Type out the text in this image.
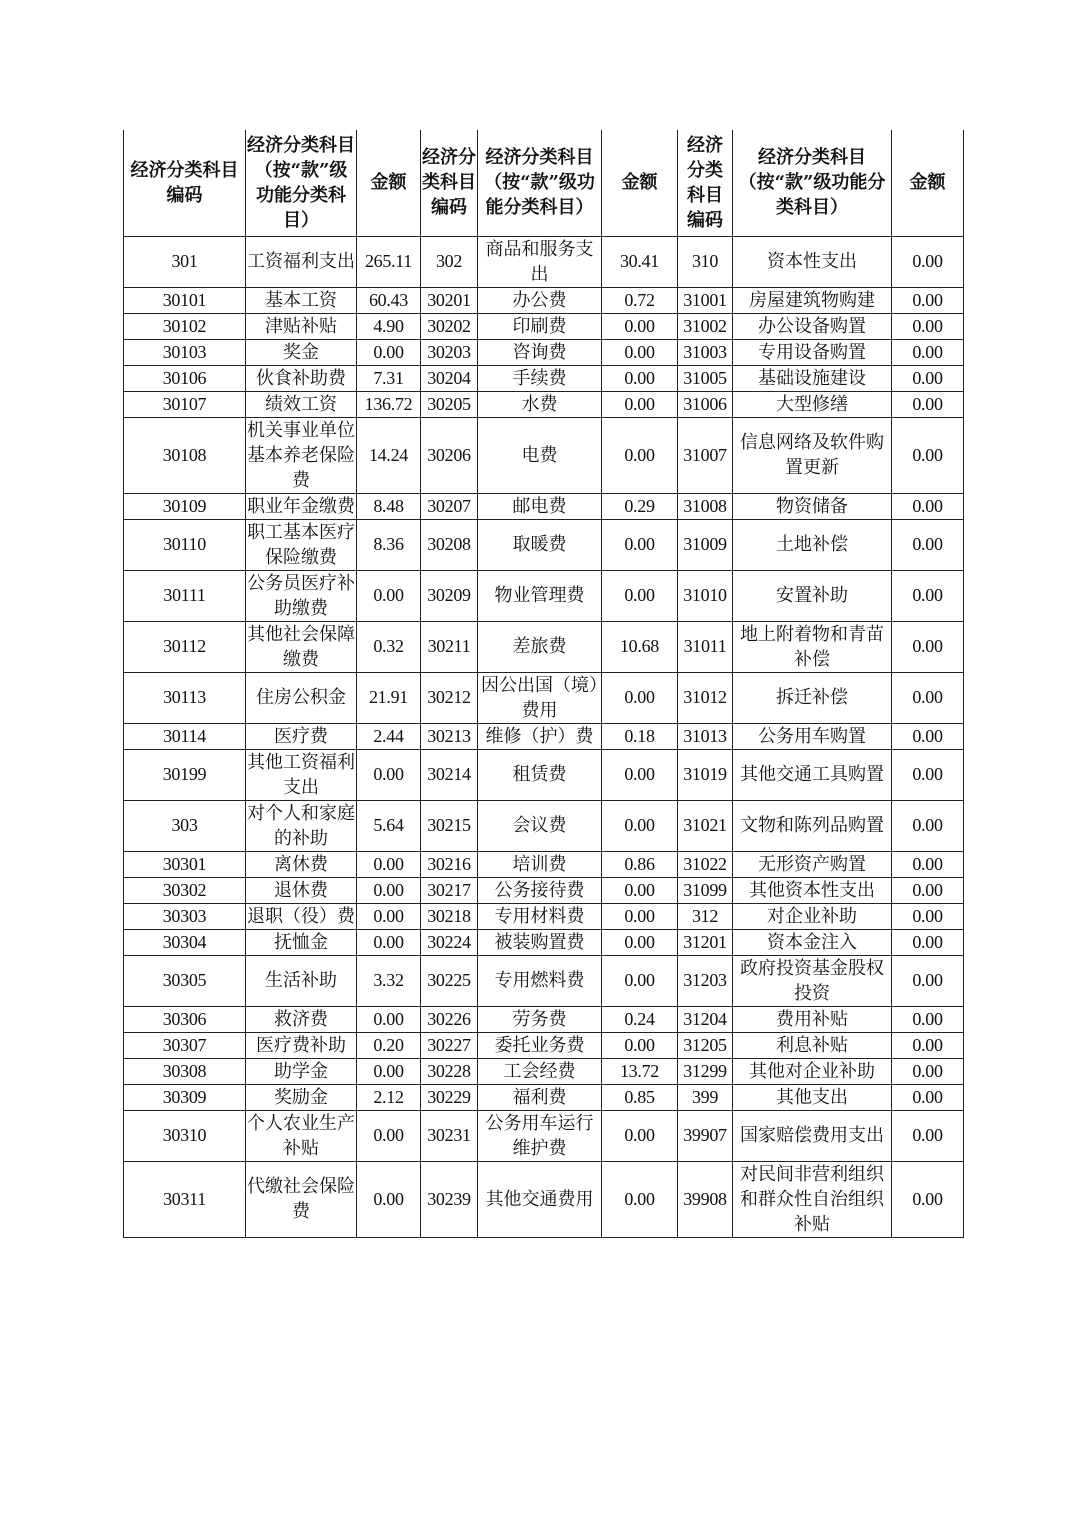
经济分类科目编码	经济分类科目（按“款”级功能分类科目）	金额	经济分类科目编码	经济分类科目（按“款”级功能分类科目）	金额	经济分类科目编码	经济分类科目（按“款”级功能分类科目）	金额
301	工资福利支出	265.11	302	商品和服务支出	30.41	310	资本性支出	0.00
30101	基本工资	60.43	30201	办公费	0.72	31001	房屋建筑物购建	0.00
30102	津贴补贴	4.90	30202	印刷费	0.00	31002	办公设备购置	0.00
30103	奖金	0.00	30203	咨询费	0.00	31003	专用设备购置	0.00
30106	伙食补助费	7.31	30204	手续费	0.00	31005	基础设施建设	0.00
30107	绩效工资	136.72	30205	水费	0.00	31006	大型修缮	0.00
30108	机关事业单位基本养老保险费	14.24	30206	电费	0.00	31007	信息网络及软件购置更新	0.00
30109	职业年金缴费	8.48	30207	邮电费	0.29	31008	物资储备	0.00
30110	职工基本医疗保险缴费	8.36	30208	取暖费	0.00	31009	土地补偿	0.00
30111	公务员医疗补助缴费	0.00	30209	物业管理费	0.00	31010	安置补助	0.00
30112	其他社会保障缴费	0.32	30211	差旅费	10.68	31011	地上附着物和青苗补偿	0.00
30113	住房公积金	21.91	30212	因公出国（境）费用	0.00	31012	拆迁补偿	0.00
30114	医疗费	2.44	30213	维修（护）费	0.18	31013	公务用车购置	0.00
30199	其他工资福利支出	0.00	30214	租赁费	0.00	31019	其他交通工具购置	0.00
303	对个人和家庭的补助	5.64	30215	会议费	0.00	31021	文物和陈列品购置	0.00
30301	离休费	0.00	30216	培训费	0.86	31022	无形资产购置	0.00
30302	退休费	0.00	30217	公务接待费	0.00	31099	其他资本性支出	0.00
30303	退职（役）费	0.00	30218	专用材料费	0.00	312	对企业补助	0.00
30304	抚恤金	0.00	30224	被装购置费	0.00	31201	资本金注入	0.00
30305	生活补助	3.32	30225	专用燃料费	0.00	31203	政府投资基金股权投资	0.00
30306	救济费	0.00	30226	劳务费	0.24	31204	费用补贴	0.00
30307	医疗费补助	0.20	30227	委托业务费	0.00	31205	利息补贴	0.00
30308	助学金	0.00	30228	工会经费	13.72	31299	其他对企业补助	0.00
30309	奖励金	2.12	30229	福利费	0.85	399	其他支出	0.00
30310	个人农业生产补贴	0.00	30231	公务用车运行维护费	0.00	39907	国家赔偿费用支出	0.00
30311	代缴社会保险费	0.00	30239	其他交通费用	0.00	39908	对民间非营利组织和群众性自治组织补贴	0.00
